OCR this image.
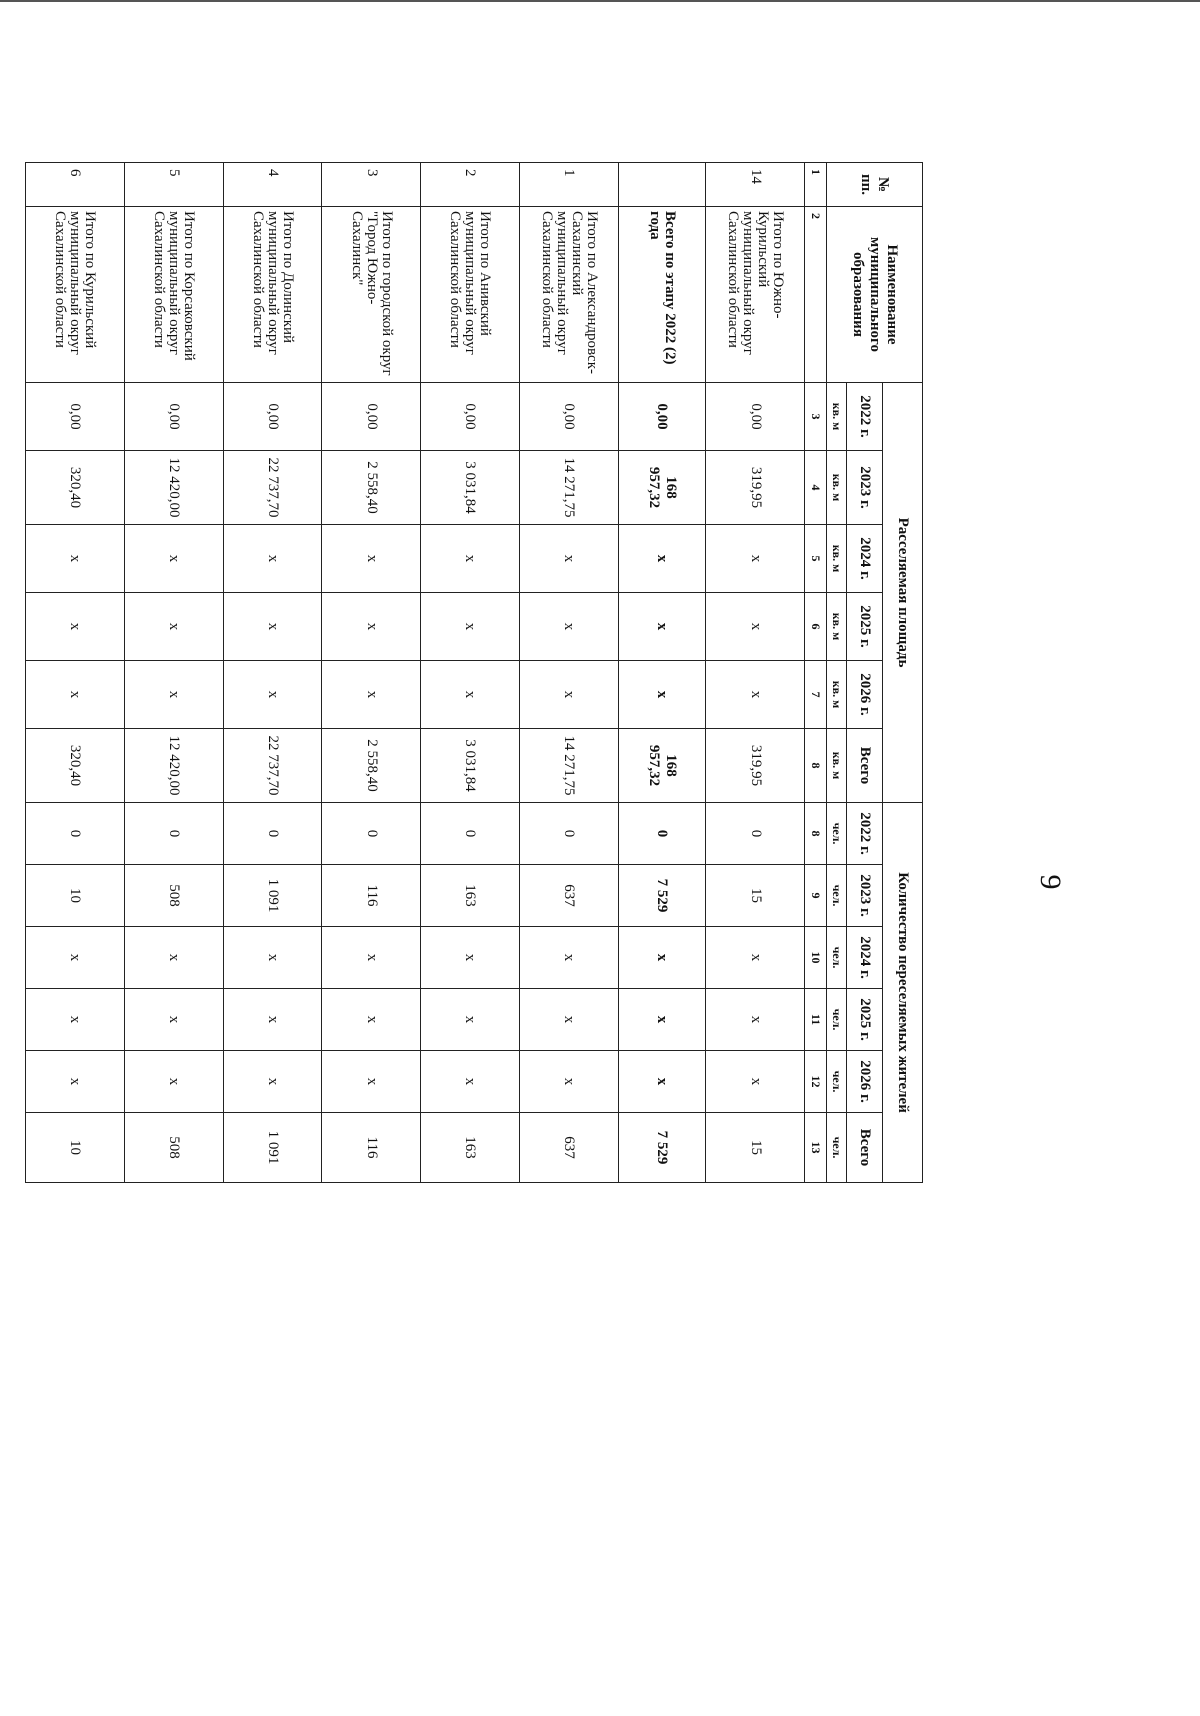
9
№ пп.	Наименование муниципального образования	Расселяемая площадь						Количество переселяемых жителей					
		2022 г.	2023 г.	2024 г.	2025 г.	2026 г.	Всего	2022 г.	2023 г.	2024 г.	2025 г.	2026 г.	Всего
		кв. м	кв. м	кв. м	кв. м	кв. м	кв. м	чел.	чел.	чел.	чел.	чел.	чел.
1	2	3	4	5	6	7	8	8	9	10	11	12	13
14	Итого по Южно-Курильский муниципальный округ Сахалинской области	0,00	319,95	x	x	x	319,95	0	15	x	x	x	15
	Всего по этапу 2022 (2) года	0,00	168 957,32	x	x	x	168 957,32	0	7 529	x	x	x	7 529
1	Итого по Александровск-Сахалинский муниципальный округ Сахалинской области	0,00	14 271,75	x	x	x	14 271,75	0	637	x	x	x	637
2	Итого по Анивский муниципальный округ Сахалинской области	0,00	3 031,84	x	x	x	3 031,84	0	163	x	x	x	163
3	Итого по городской округ "Город Южно-Сахалинск"	0,00	2 558,40	x	x	x	2 558,40	0	116	x	x	x	116
4	Итого по Долинский муниципальный округ Сахалинской области	0,00	22 737,70	x	x	x	22 737,70	0	1 091	x	x	x	1 091
5	Итого по Корсаковский муниципальный округ Сахалинской области	0,00	12 420,00	x	x	x	12 420,00	0	508	x	x	x	508
6	Итого по Курильский муниципальный округ Сахалинской области	0,00	320,40	x	x	x	320,40	0	10	x	x	x	10
